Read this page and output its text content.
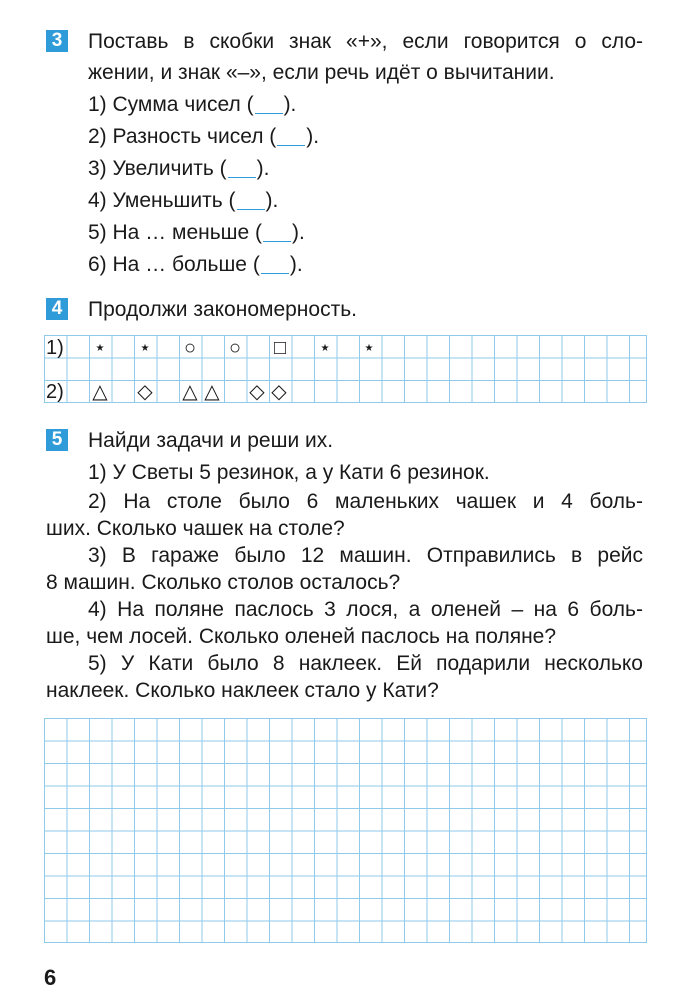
3 Поставь в скобки знак «+», если говорится о сло-
жении, и знак «–», если речь идёт о вычитании.
1) Сумма чисел ( ).
2) Разность чисел ( ).
3) Увеличить ( ).
4) Уменьшить ( ).
5) На … меньше ( ).
6) На … больше ( ).
4 Продолжи закономерность.
1) ⋆ ⋆ ○ ○ □ ⋆ ⋆
2) △ ◇ △ △ ◇ ◇
5 Найди задачи и реши их.
1) У Светы 5 резинок, а у Кати 6 резинок.
2) На столе было 6 маленьких чашек и 4 боль-
ших. Сколько чашек на столе?
3) В гараже было 12 машин. Отправились в рейс
8 машин. Сколько столов осталось?
4) На поляне паслось 3 лося, а оленей – на 6 боль-
ше, чем лосей. Сколько оленей паслось на поляне?
5) У Кати было 8 наклеек. Ей подарили несколько
наклеек. Сколько наклеек стало у Кати?
6
